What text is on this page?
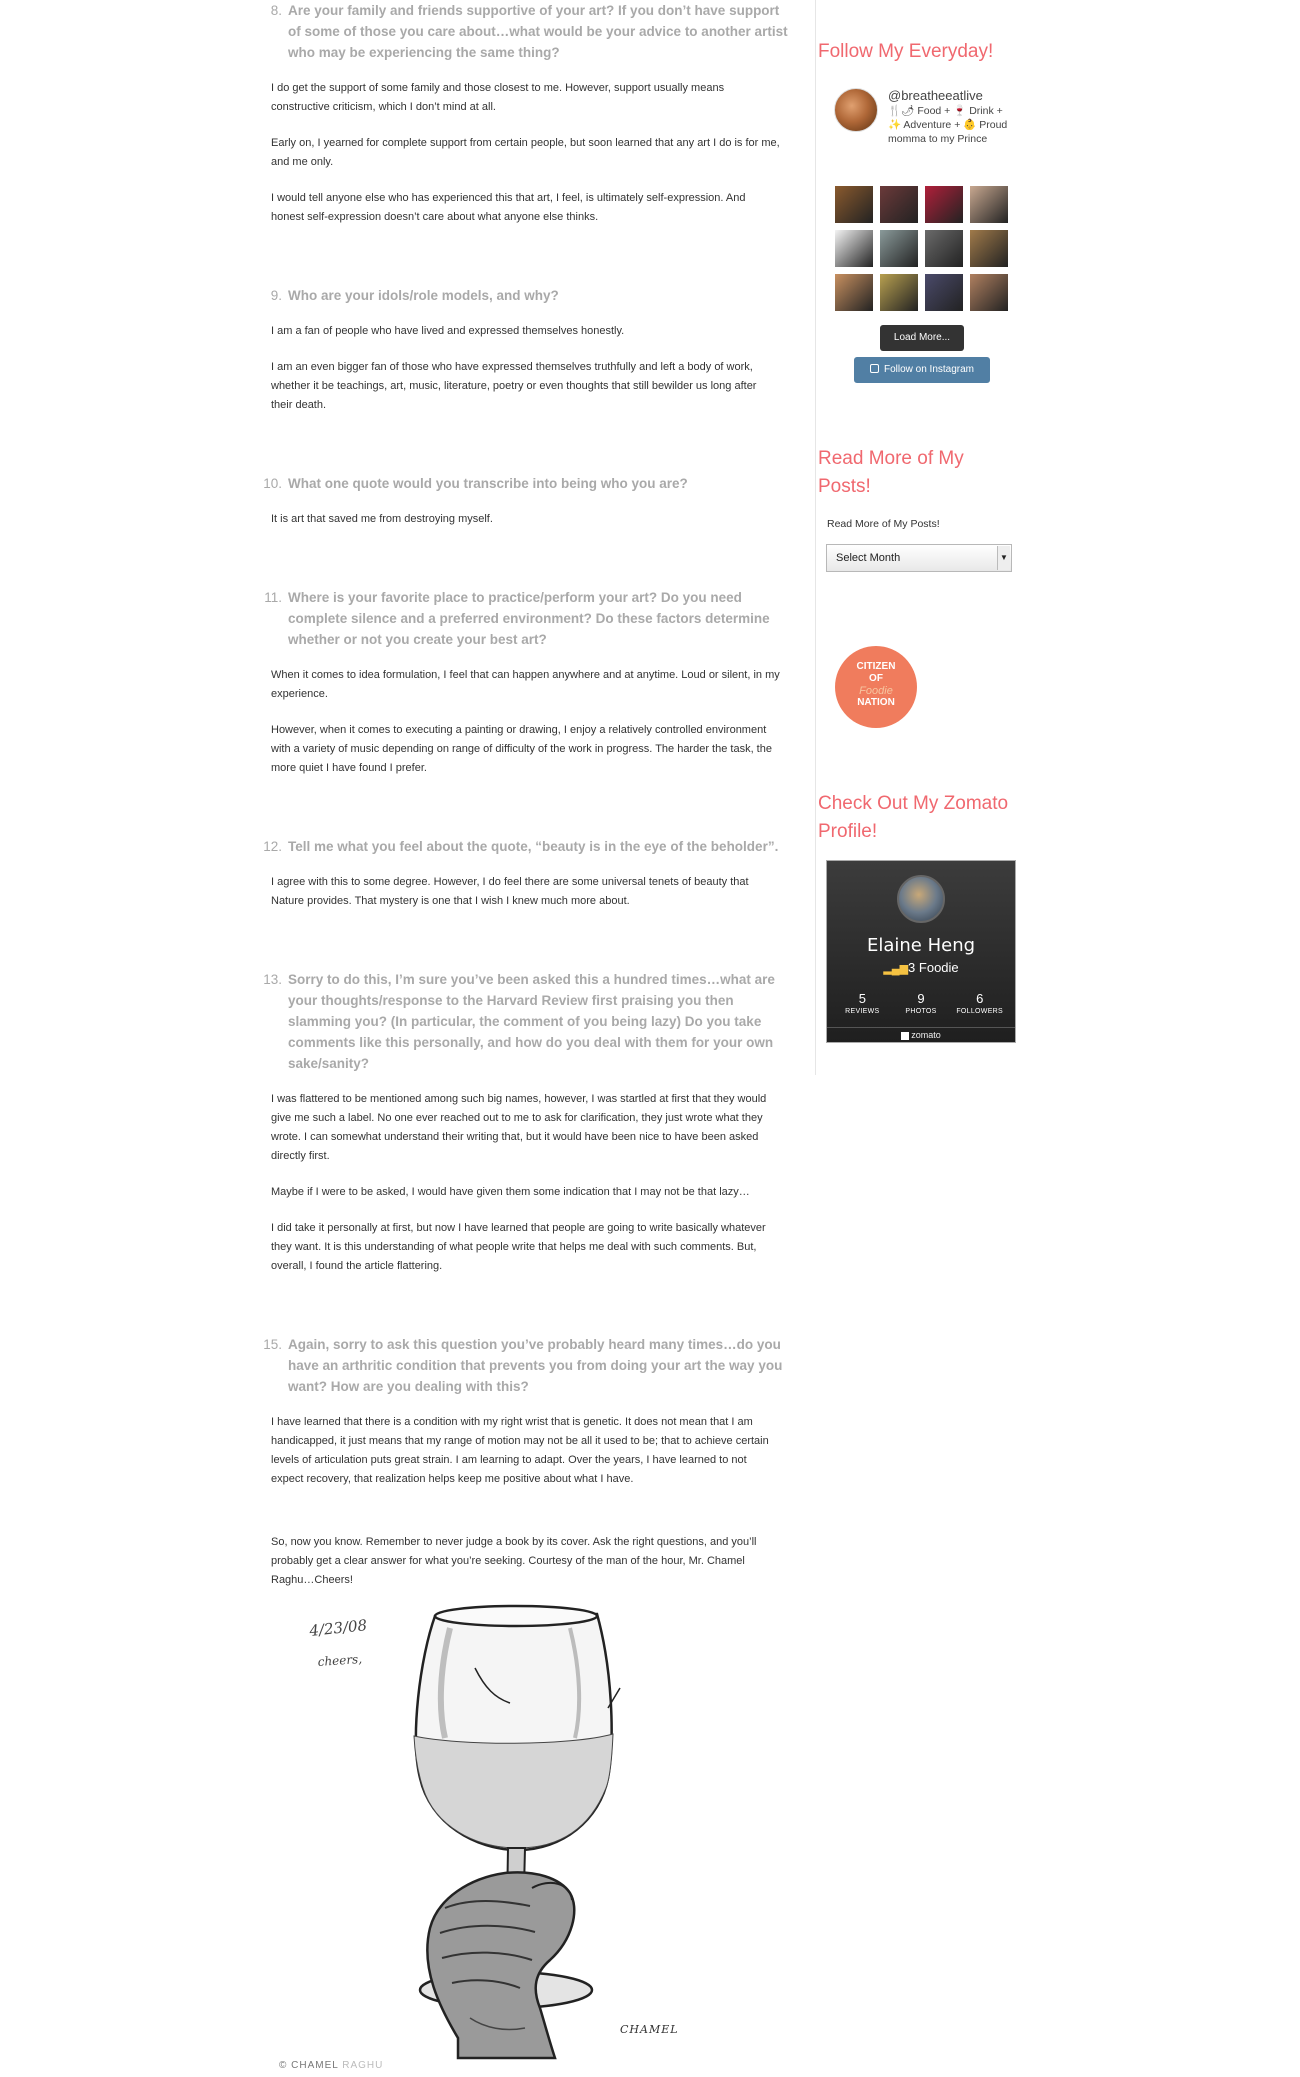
8. Are your family and friends supportive of your art? If you don’t have support of some of those you care about…what would be your advice to another artist who may be experiencing the same thing?

I do get the support of some family and those closest to me. However, support usually means constructive criticism, which I don’t mind at all.

Early on, I yearned for complete support from certain people, but soon learned that any art I do is for me, and me only.

I would tell anyone else who has experienced this that art, I feel, is ultimately self-expression. And honest self-expression doesn’t care about what anyone else thinks.

9. Who are your idols/role models, and why?

I am a fan of people who have lived and expressed themselves honestly.

I am an even bigger fan of those who have expressed themselves truthfully and left a body of work, whether it be teachings, art, music, literature, poetry or even thoughts that still bewilder us long after their death.

10. What one quote would you transcribe into being who you are?

It is art that saved me from destroying myself.

11. Where is your favorite place to practice/perform your art? Do you need complete silence and a preferred environment? Do these factors determine whether or not you create your best art?

When it comes to idea formulation, I feel that can happen anywhere and at anytime. Loud or silent, in my experience.

However, when it comes to executing a painting or drawing, I enjoy a relatively controlled environment with a variety of music depending on range of difficulty of the work in progress. The harder the task, the more quiet I have found I prefer.

12. Tell me what you feel about the quote, “beauty is in the eye of the beholder”.

I agree with this to some degree. However, I do feel there are some universal tenets of beauty that Nature provides. That mystery is one that I wish I knew much more about.

13. Sorry to do this, I’m sure you’ve been asked this a hundred times…what are your thoughts/response to the Harvard Review first praising you then slamming you? (In particular, the comment of you being lazy) Do you take comments like this personally, and how do you deal with them for your own sake/sanity?

I was flattered to be mentioned among such big names, however, I was startled at first that they would give me such a label. No one ever reached out to me to ask for clarification, they just wrote what they wrote. I can somewhat understand their writing that, but it would have been nice to have been asked directly first.

Maybe if I were to be asked, I would have given them some indication that I may not be that lazy…

I did take it personally at first, but now I have learned that people are going to write basically whatever they want. It is this understanding of what people write that helps me deal with such comments. But, overall, I found the article flattering.

15. Again, sorry to ask this question you’ve probably heard many times…do you have an arthritic condition that prevents you from doing your art the way you want? How are you dealing with this?

I have learned that there is a condition with my right wrist that is genetic. It does not mean that I am handicapped, it just means that my range of motion may not be all it used to be; that to achieve certain levels of articulation puts great strain. I am learning to adapt. Over the years, I have learned to not expect recovery, that realization helps keep me positive about what I have.

So, now you know. Remember to never judge a book by its cover. Ask the right questions, and you’ll probably get a clear answer for what you’re seeking. Courtesy of the man of the hour, Mr. Chamel Raghu…Cheers!

4/23/08
cheers,
CHAMEL
© CHAMEL RAGHU
Follow My Everyday!
@breatheeatlive
🍴🌶 Food + 🍷 Drink + ✨ Adventure + 👶 Proud momma to my Prince
Load More...
Follow on Instagram
Read More of My Posts!
Read More of My Posts!
Select Month	▼
CITIZEN
OF
Foodie
NATION
Check Out My Zomato Profile!
Elaine Heng
▂▄▆3 Foodie
5
REVIEWS
9
PHOTOS
6
FOLLOWERS
zomato
